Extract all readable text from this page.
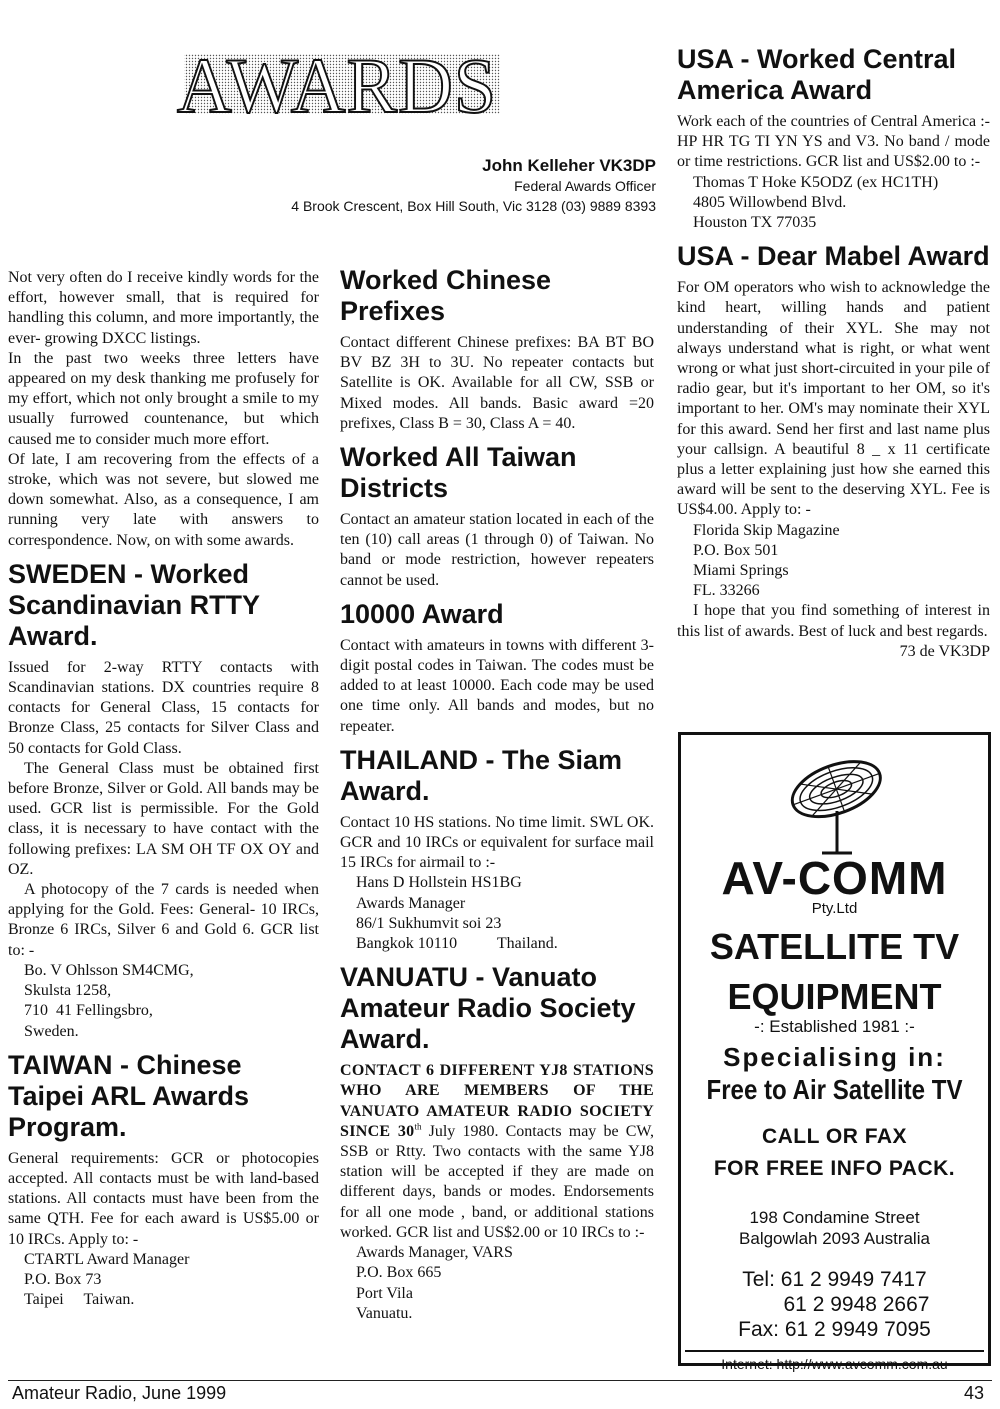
AWARDS
John Kelleher VK3DP
Federal Awards Officer
4 Brook Crescent, Box Hill South, Vic 3128 (03) 9889 8393

Not very often do I receive kindly words for the effort, however small, that is required for handling this column, and more importantly, the ever- growing DXCC listings.

In the past two weeks three letters have appeared on my desk thanking me profusely for my effort, which not only brought a smile to my usually furrowed countenance, but which caused me to consider much more effort.

Of late, I am recovering from the effects of a stroke, which was not severe, but slowed me down somewhat. Also, as a consequence, I am running very late with answers to correspondence. Now, on with some awards.

SWEDEN - Worked Scandinavian RTTY Award.

Issued for 2-way RTTY contacts with Scandinavian stations. DX countries require 8 contacts for General Class, 15 contacts for Bronze Class, 25 contacts for Silver Class and 50 contacts for Gold Class.

The General Class must be obtained first before Bronze, Silver or Gold. All bands may be used. GCR list is permissible. For the Gold class, it is necessary to have contact with the following prefixes: LA SM OH TF OX OY and OZ.

A photocopy of the 7 cards is needed when applying for the Gold. Fees: General- 10 IRCs, Bronze 6 IRCs, Silver 6 and Gold 6. GCR list to: -

Bo. V Ohlsson SM4CMG,
Skulsta 1258,
710  41 Fellingsbro,
Sweden.
TAIWAN - Chinese Taipei ARL Awards Program.

General requirements: GCR or photocopies accepted. All contacts must be with land-based stations. All contacts must have been from the same QTH. Fee for each award is US$5.00 or 10 IRCs. Apply to: -

CTARTL Award Manager
P.O. Box 73
Taipei     Taiwan.
Worked Chinese Prefixes

Contact different Chinese prefixes: BA BT BO BV BZ 3H to 3U. No repeater contacts but Satellite is OK. Available for all CW, SSB or Mixed modes. All bands. Basic award =20 prefixes, Class B = 30, Class A = 40.

Worked All Taiwan Districts

Contact an amateur station located in each of the ten (10) call areas (1 through 0) of Taiwan. No band or mode restriction, however repeaters cannot be used.

10000 Award

Contact with amateurs in towns with different 3-digit postal codes in Taiwan. The codes must be added to at least 10000. Each code may be used one time only. All bands and modes, but no repeater.

THAILAND - The Siam Award.

Contact 10 HS stations. No time limit. SWL OK. GCR and 10 IRCs or equivalent for surface mail 15 IRCs for airmail to :-

Hans D Hollstein HS1BG
Awards Manager
86/1 Sukhumvit soi 23
Bangkok 10110          Thailand.
VANUATU - Vanuato Amateur Radio Society Award.

CONTACT 6 DIFFERENT YJ8 STATIONS WHO ARE MEMBERS OF THE VANUATO AMATEUR RADIO SOCIETY SINCE 30th July 1980. Contacts may be CW, SSB or Rtty. Two contacts with the same YJ8 station will be accepted if they are made on different days, bands or modes. Endorsements for all one mode , band, or additional stations worked. GCR list and US$2.00 or 10 IRCs to :-

Awards Manager, VARS
P.O. Box 665
Port Vila
Vanuatu.
USA - Worked Central America Award

Work each of the countries of Central America :- HP HR TG TI YN YS and V3. No band / mode or time restrictions. GCR list and US$2.00 to :-

Thomas T Hoke K5ODZ (ex HC1TH)
4805 Willowbend Blvd.
Houston TX 77035
USA - Dear Mabel Award

For OM operators who wish to acknowledge the kind heart, willing hands and patient understanding of their XYL. She may not always understand what is right, or what went wrong or what just short-circuited in your pile of radio gear, but it's important to her OM, so it's important to her. OM's may nominate their XYL for this award. Send her first and last name plus your callsign. A beautiful 8 _ x 11 certificate plus a letter explaining just how she earned this award will be sent to the deserving XYL. Fee is US$4.00. Apply to: -

Florida Skip Magazine
P.O. Box 501
Miami Springs
FL. 33266

I hope that you find something of interest in this list of awards. Best of luck and best regards.
73 de VK3DP

AV-COMM
Pty.Ltd
SATELLITE TV
EQUIPMENT
-: Established 1981 :-
Specialising in:
Free to Air Satellite TV
CALL OR FAX
FOR FREE INFO PACK.
198 Condamine Street
Balgowlah 2093 Australia
Tel: 61 2 9949 7417
61 2 9948 2667
Fax: 61 2 9949 7095
Internet: http://www.avcomm.com.au
Amateur Radio, June 1999	43
